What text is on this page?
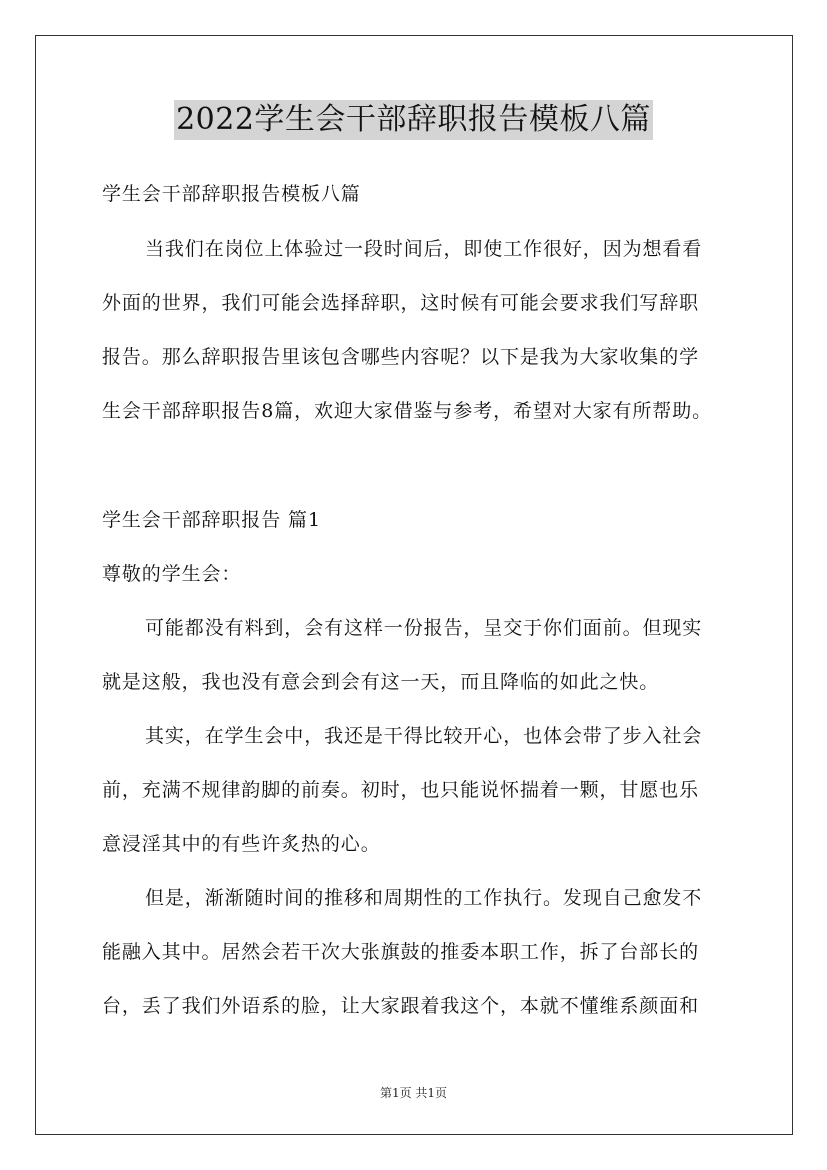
2022学生会干部辞职报告模板八篇
学生会干部辞职报告模板八篇
当我们在岗位上体验过一段时间后，即使工作很好，因为想看看
外面的世界，我们可能会选择辞职，这时候有可能会要求我们写辞职
报告。那么辞职报告里该包含哪些内容呢？以下是我为大家收集的学
生会干部辞职报告8篇，欢迎大家借鉴与参考，希望对大家有所帮助。
学生会干部辞职报告 篇1
尊敬的学生会：
可能都没有料到，会有这样一份报告，呈交于你们面前。但现实
就是这般，我也没有意会到会有这一天，而且降临的如此之快。
其实，在学生会中，我还是干得比较开心，也体会带了步入社会
前，充满不规律韵脚的前奏。初时，也只能说怀揣着一颗，甘愿也乐
意浸淫其中的有些许炙热的心。
但是，渐渐随时间的推移和周期性的工作执行。发现自己愈发不
能融入其中。居然会若干次大张旗鼓的推委本职工作，拆了台部长的
台，丢了我们外语系的脸，让大家跟着我这个，本就不懂维系颜面和
第1页 共1页
